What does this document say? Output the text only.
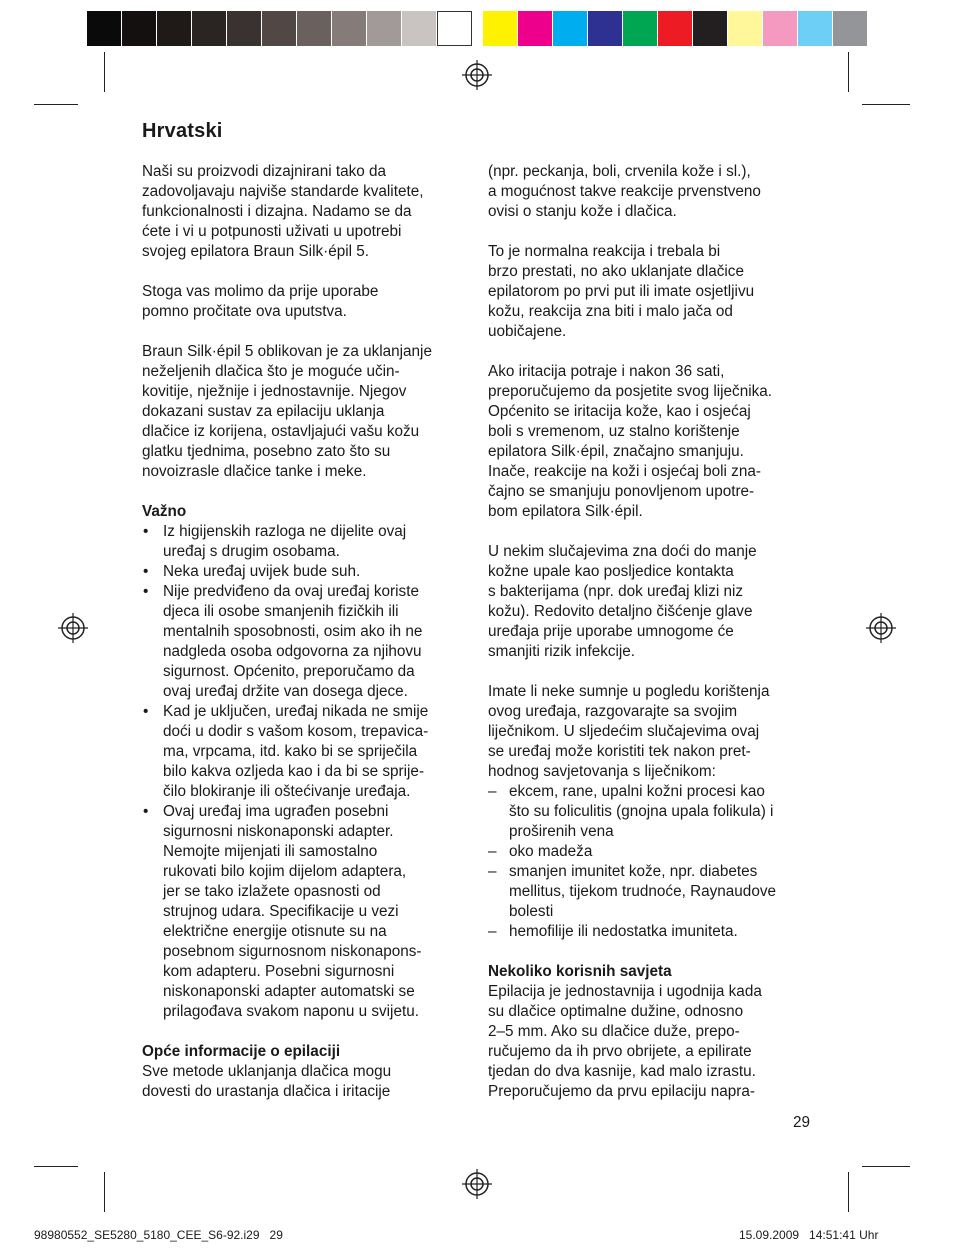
Hrvatski

Naši su proizvodi dizajnirani tako da
zadovoljavaju najviše standarde kvalitete,
funkcionalnosti i dizajna. Nadamo se da
ćete i vi u potpunosti uživati u upotrebi
svojeg epilatora Braun Silk·épil 5.

Stoga vas molimo da prije uporabe
pomno pročitate ova uputstva.

Braun Silk·épil 5 oblikovan je za uklanjanje
neželjenih dlačica što je moguće učin-
kovitije, nježnije i jednostavnije. Njegov
dokazani sustav za epilaciju uklanja
dlačice iz korijena, ostavljajući vašu kožu
glatku tjednima, posebno zato što su
novoizrasle dlačice tanke i meke.

Važno
• Iz higijenskih razloga ne dijelite ovaj
uređaj s drugim osobama.
• Neka uređaj uvijek bude suh.
• Nije predviđeno da ovaj uređaj koriste
djeca ili osobe smanjenih fizičkih ili
mentalnih sposobnosti, osim ako ih ne
nadgleda osoba odgovorna za njihovu
sigurnost. Općenito, preporučamo da
ovaj uređaj držite van dosega djece.
• Kad je uključen, uređaj nikada ne smije
doći u dodir s vašom kosom, trepavica-
ma, vrpcama, itd. kako bi se spriječila
bilo kakva ozljeda kao i da bi se sprije-
čilo blokiranje ili oštećivanje uređaja.
• Ovaj uređaj ima ugrađen posebni
sigurnosni niskonaponski adapter.
Nemojte mijenjati ili samostalno
rukovati bilo kojim dijelom adaptera,
jer se tako izlažete opasnosti od
strujnog udara. Specifikacije u vezi
električne energije otisnute su na
posebnom sigurnosnom niskonapons-
kom adapteru. Posebni sigurnosni
niskonaponski adapter automatski se
prilagođava svakom naponu u svijetu.
Opće informacije o epilaciji

Sve metode uklanjanja dlačica mogu
dovesti do urastanja dlačica i iritacije

(npr. peckanja, boli, crvenila kože i sl.),
a mogućnost takve reakcije prvenstveno
ovisi o stanju kože i dlačica.

To je normalna reakcija i trebala bi
brzo prestati, no ako uklanjate dlačice
epilatorom po prvi put ili imate osjetljivu
kožu, reakcija zna biti i malo jača od
uobičajene.

Ako iritacija potraje i nakon 36 sati,
preporučujemo da posjetite svog liječnika.
Općenito se iritacija kože, kao i osjećaj
boli s vremenom, uz stalno korištenje
epilatora Silk·épil, značajno smanjuju.
Inače, reakcije na koži i osjećaj boli zna-
čajno se smanjuju ponovljenom upotre-
bom epilatora Silk·épil.

U nekim slučajevima zna doći do manje
kožne upale kao posljedice kontakta
s bakterijama (npr. dok uređaj klizi niz
kožu). Redovito detaljno čišćenje glave
uređaja prije uporabe umnogome će
smanjiti rizik infekcije.

Imate li neke sumnje u pogledu korištenja
ovog uređaja, razgovarajte sa svojim
liječnikom. U sljedećim slučajevima ovaj
se uređaj može koristiti tek nakon pret-
hodnog savjetovanja s liječnikom:

– ekcem, rane, upalni kožni procesi kao
što su foliculitis (gnojna upala folikula) i
proširenih vena
– oko madeža
– smanjen imunitet kože, npr. diabetes
mellitus, tijekom trudnoće, Raynaudove
bolesti
– hemofilije ili nedostatka imuniteta.
Nekoliko korisnih savjeta

Epilacija je jednostavnija i ugodnija kada
su dlačice optimalne dužine, odnosno
2–5 mm. Ako su dlačice duže, prepo-
ručujemo da ih prvo obrijete, a epilirate
tjedan do dva kasnije, kad malo izrastu.
Preporučujemo da prvu epilaciju napra-

29
98980552_SE5280_5180_CEE_S6-92.i29   29	15.09.2009   14:51:41 Uhr
